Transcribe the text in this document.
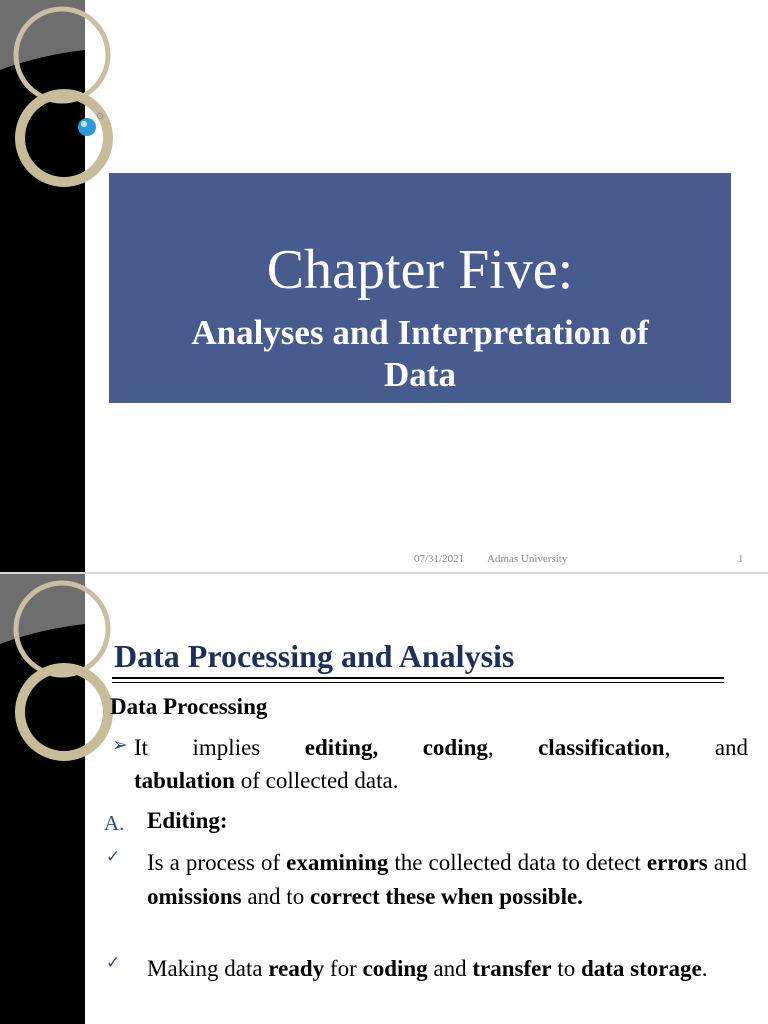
Chapter Five:
Analyses and Interpretation of
Data
07/31/2021 Admas University	1
Data Processing and Analysis
Data Processing
➢ It implies editing, coding, classification, and
tabulation of collected data.
A. Editing:
✓ Is a process of examining the collected data to detect errors and omissions and to correct these when possible.
✓ Making data ready for coding and transfer to data storage.
